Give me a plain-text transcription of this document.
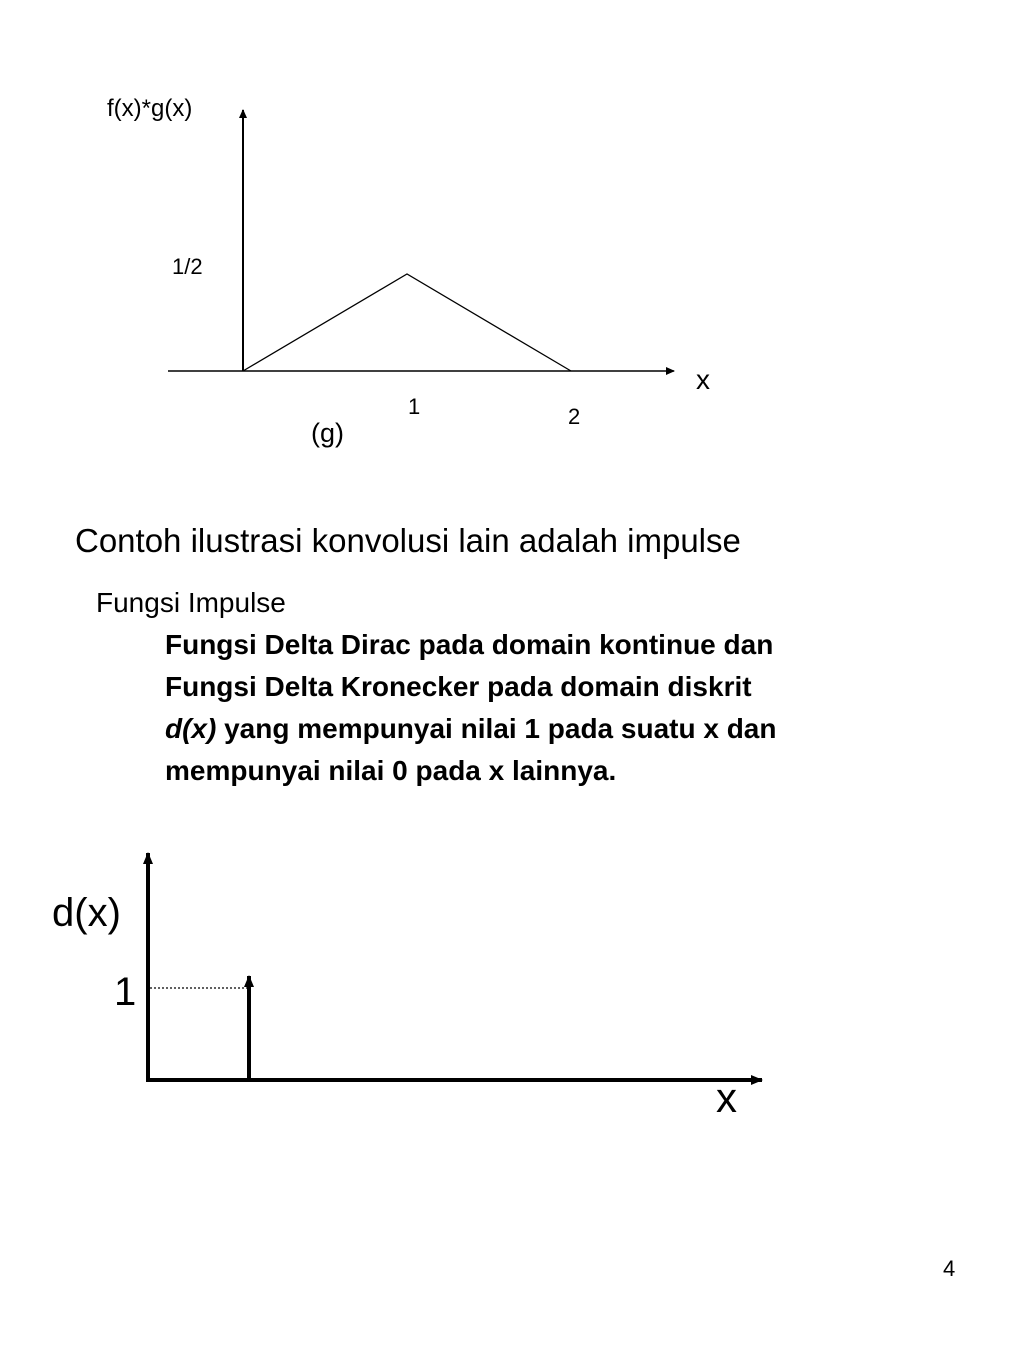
f(x)*g(x)
1/2
x
1	2
(g)
Contoh ilustrasi konvolusi lain adalah impulse
Fungsi Impulse
Fungsi Delta Dirac pada domain kontinue dan
Fungsi Delta Kronecker pada domain diskrit
d(x) yang mempunyai nilai 1 pada suatu x dan
mempunyai nilai 0 pada x lainnya.
d(x)
1
x
4
